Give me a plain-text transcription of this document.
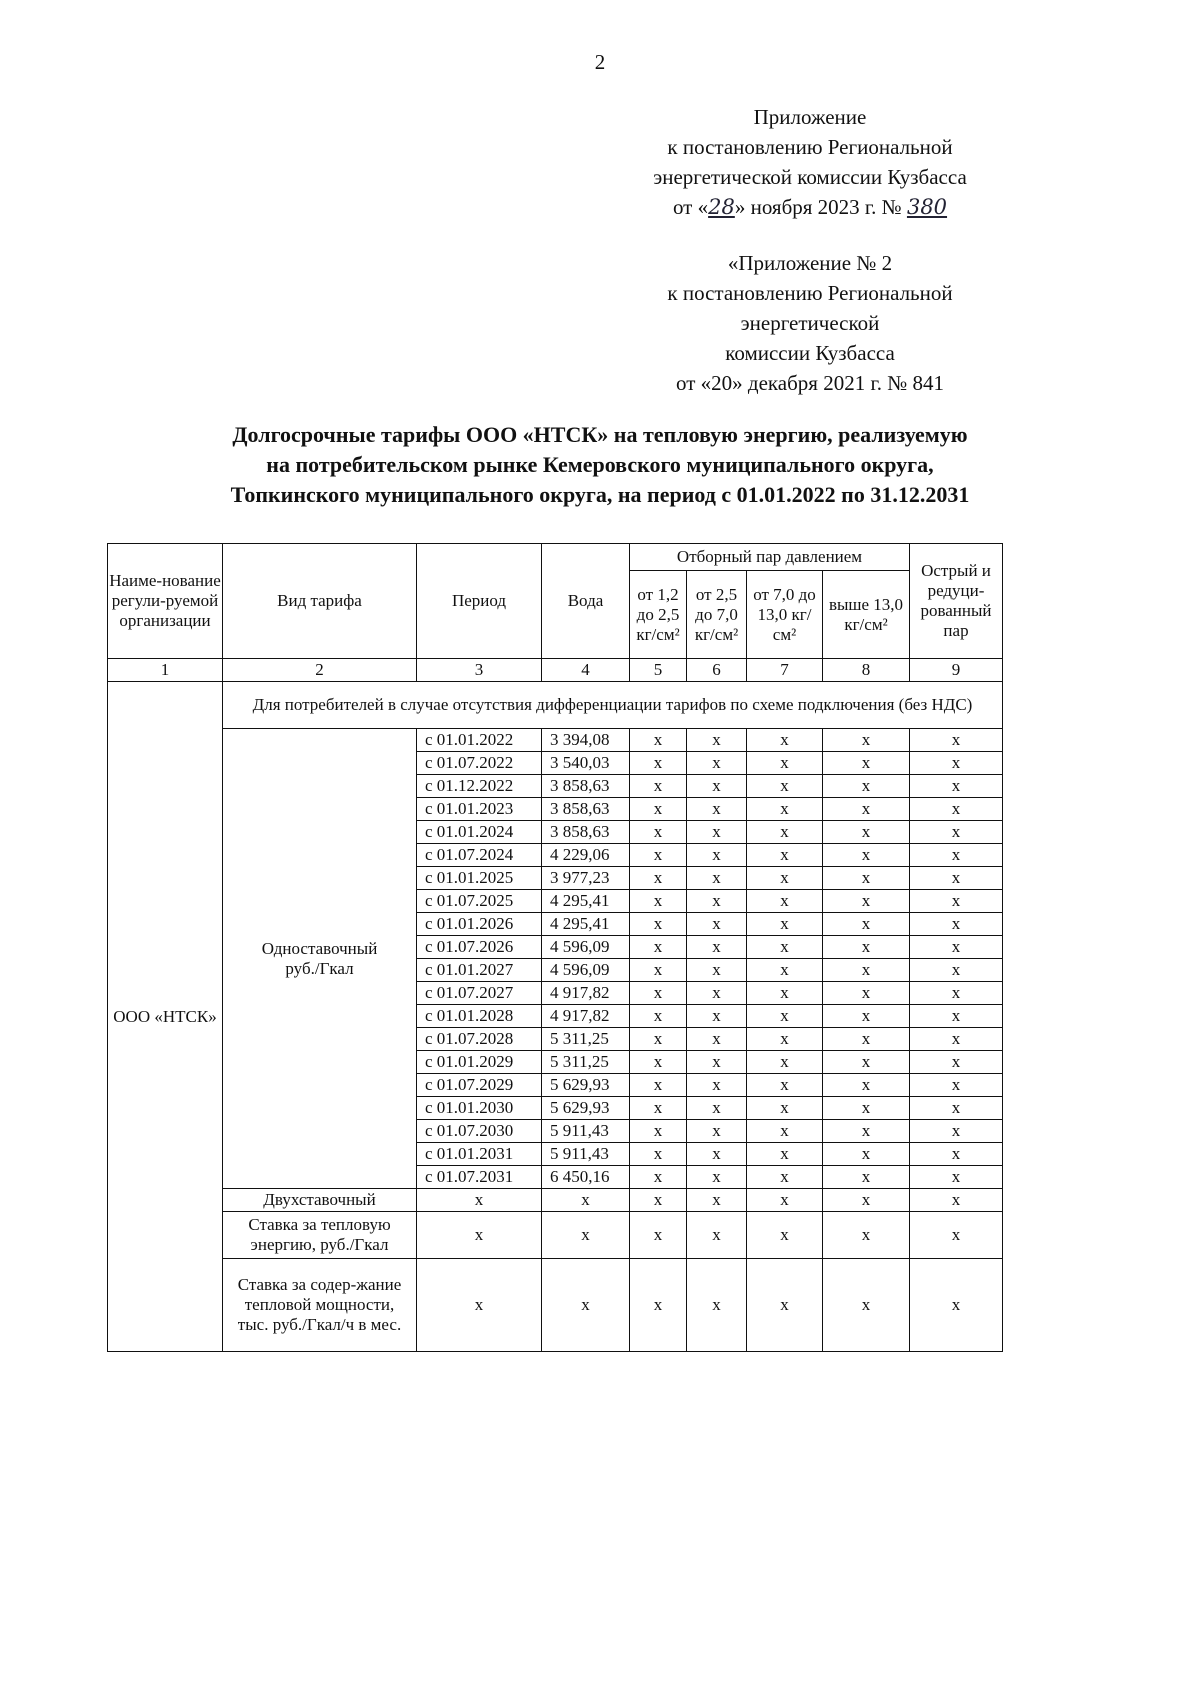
2
Приложение
к постановлению Региональной
энергетической комиссии Кузбасса
от «28» ноября 2023 г. № 380
«Приложение № 2
к постановлению Региональной
энергетической
комиссии Кузбасса
от «20» декабря 2021 г. № 841
Долгосрочные тарифы ООО «НТСК» на тепловую энергию, реализуемую
на потребительском рынке Кемеровского муниципального округа,
Топкинского муниципального округа, на период с 01.01.2022 по 31.12.2031
Наиме-нование регули-руемой организации	Вид тарифа	Период	Вода	Отборный пар давлением				Острый и редуци-рованный пар
				от 1,2 до 2,5 кг/см²	от 2,5 до 7,0 кг/см²	от 7,0 до 13,0 кг/см²	выше 13,0 кг/см²	
1	2	3	4	5	6	7	8	9
ООО «НТСК»	Для потребителей в случае отсутствия дифференциации тарифов по схеме подключения (без НДС)							
	Одноставочный руб./Гкал	с 01.01.2022	3 394,08	x	x	x	x	x
		с 01.07.2022	3 540,03	x	x	x	x	x
		с 01.12.2022	3 858,63	x	x	x	x	x
		с 01.01.2023	3 858,63	x	x	x	x	x
		с 01.01.2024	3 858,63	x	x	x	x	x
		с 01.07.2024	4 229,06	x	x	x	x	x
		с 01.01.2025	3 977,23	x	x	x	x	x
		с 01.07.2025	4 295,41	x	x	x	x	x
		с 01.01.2026	4 295,41	x	x	x	x	x
		с 01.07.2026	4 596,09	x	x	x	x	x
		с 01.01.2027	4 596,09	x	x	x	x	x
		с 01.07.2027	4 917,82	x	x	x	x	x
		с 01.01.2028	4 917,82	x	x	x	x	x
		с 01.07.2028	5 311,25	x	x	x	x	x
		с 01.01.2029	5 311,25	x	x	x	x	x
		с 01.07.2029	5 629,93	x	x	x	x	x
		с 01.01.2030	5 629,93	x	x	x	x	x
		с 01.07.2030	5 911,43	x	x	x	x	x
		с 01.01.2031	5 911,43	x	x	x	x	x
		с 01.07.2031	6 450,16	x	x	x	x	x
	Двухставочный	x	x	x	x	x	x	x
	Ставка за тепловую энергию, руб./Гкал	x	x	x	x	x	x	x
	Ставка за содер-жание тепловой мощности, тыс. руб./Гкал/ч в мес.	x	x	x	x	x	x	x
